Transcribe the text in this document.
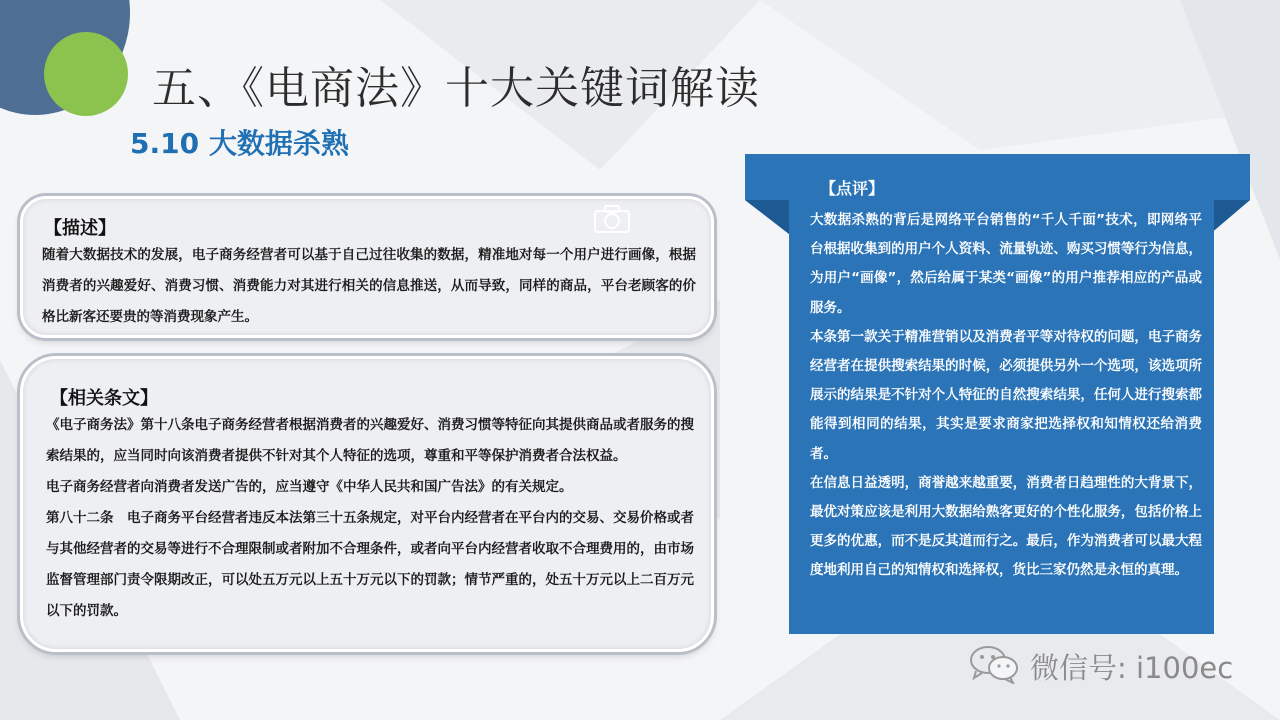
五、《电商法》十大关键词解读
5.10 大数据杀熟
【描述】
随着大数据技术的发展，电子商务经营者可以基于自己过往收集的数据，精准地对每一个用户进行画像，根据消费者的兴趣爱好、消费习惯、消费能力对其进行相关的信息推送，从而导致，同样的商品，平台老顾客的价格比新客还要贵的等消费现象产生。
【相关条文】

《电子商务法》第十八条电子商务经营者根据消费者的兴趣爱好、消费习惯等特征向其提供商品或者服务的搜索结果的，应当同时向该消费者提供不针对其个人特征的选项，尊重和平等保护消费者合法权益。

电子商务经营者向消费者发送广告的，应当遵守《中华人民共和国广告法》的有关规定。

第八十二条　电子商务平台经营者违反本法第三十五条规定，对平台内经营者在平台内的交易、交易价格或者与其他经营者的交易等进行不合理限制或者附加不合理条件，或者向平台内经营者收取不合理费用的，由市场监督管理部门责令限期改正，可以处五万元以上五十万元以下的罚款；情节严重的，处五十万元以上二百万元以下的罚款。

【点评】

大数据杀熟的背后是网络平台销售的“千人千面”技术，即网络平台根据收集到的用户个人资料、流量轨迹、购买习惯等行为信息，为用户“画像”，然后给属于某类“画像”的用户推荐相应的产品或服务。

本条第一款关于精准营销以及消费者平等对待权的问题，电子商务经营者在提供搜索结果的时候，必须提供另外一个选项，该选项所展示的结果是不针对个人特征的自然搜索结果，任何人进行搜索都能得到相同的结果，其实是要求商家把选择权和知情权还给消费者。

在信息日益透明，商誉越来越重要，消费者日趋理性的大背景下，最优对策应该是利用大数据给熟客更好的个性化服务，包括价格上更多的优惠，而不是反其道而行之。最后，作为消费者可以最大程度地利用自己的知情权和选择权，货比三家仍然是永恒的真理。

微信号: i100ec
